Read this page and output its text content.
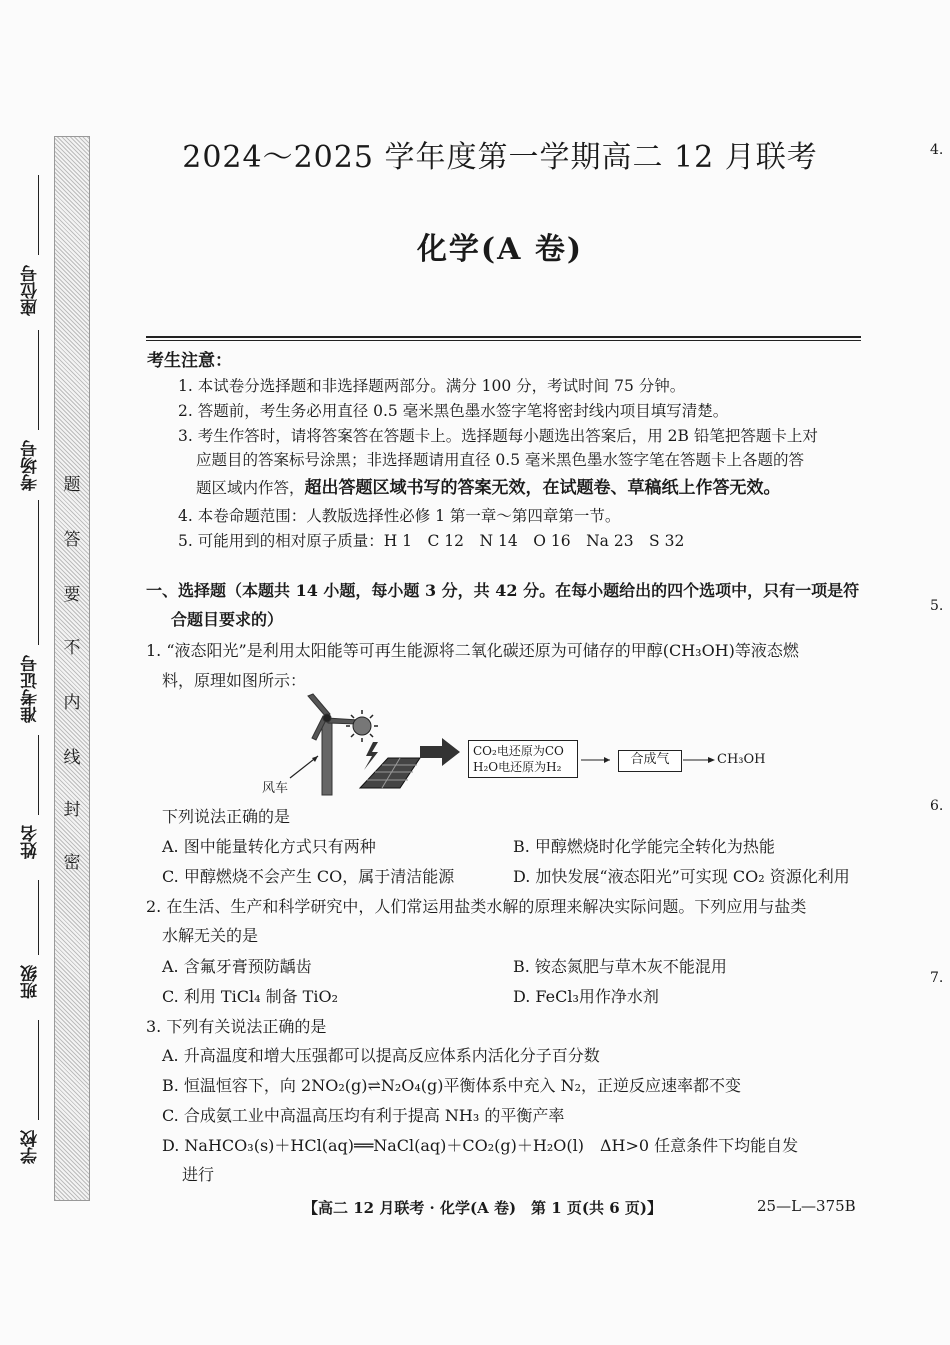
题
答
要
不
内
线
封
密
座位号
考场号
准考证号
姓名
班级
学校
2024～2025 学年度第一学期高二 12 月联考
化学(A 卷)
考生注意：
1. 本试卷分选择题和非选择题两部分。满分 100 分，考试时间 75 分钟。
2. 答题前，考生务必用直径 0.5 毫米黑色墨水签字笔将密封线内项目填写清楚。
3. 考生作答时，请将答案答在答题卡上。选择题每小题选出答案后，用 2B 铅笔把答题卡上对
应题目的答案标号涂黑；非选择题请用直径 0.5 毫米黑色墨水签字笔在答题卡上各题的答
题区域内作答，超出答题区域书写的答案无效，在试题卷、草稿纸上作答无效。
4. 本卷命题范围：人教版选择性必修 1 第一章～第四章第一节。
5. 可能用到的相对原子质量：H 1　C 12　N 14　O 16　Na 23　S 32
一、选择题（本题共 14 小题，每小题 3 分，共 42 分。在每小题给出的四个选项中，只有一项是符
合题目要求的）
1. “液态阳光”是利用太阳能等可再生能源将二氧化碳还原为可储存的甲醇(CH₃OH)等液态燃
料，原理如图所示：
风车
CO₂电还原为CO
H₂O电还原为H₂	合成气	CH₃OH
下列说法正确的是
A. 图中能量转化方式只有两种	B. 甲醇燃烧时化学能完全转化为热能
C. 甲醇燃烧不会产生 CO，属于清洁能源	D. 加快发展“液态阳光”可实现 CO₂ 资源化利用
2. 在生活、生产和科学研究中，人们常运用盐类水解的原理来解决实际问题。下列应用与盐类
水解无关的是
A. 含氟牙膏预防龋齿	B. 铵态氮肥与草木灰不能混用
C. 利用 TiCl₄ 制备 TiO₂	D. FeCl₃用作净水剂
3. 下列有关说法正确的是
A. 升高温度和增大压强都可以提高反应体系内活化分子百分数
B. 恒温恒容下，向 2NO₂(g)⇌N₂O₄(g)平衡体系中充入 N₂，正逆反应速率都不变
C. 合成氨工业中高温高压均有利于提高 NH₃ 的平衡产率
D. NaHCO₃(s)＋HCl(aq)══NaCl(aq)＋CO₂(g)＋H₂O(l)　ΔH>0 任意条件下均能自发
进行
【高二 12 月联考 · 化学(A 卷)　第 1 页(共 6 页)】	25—L—375B
4.
5.
6.
7.
